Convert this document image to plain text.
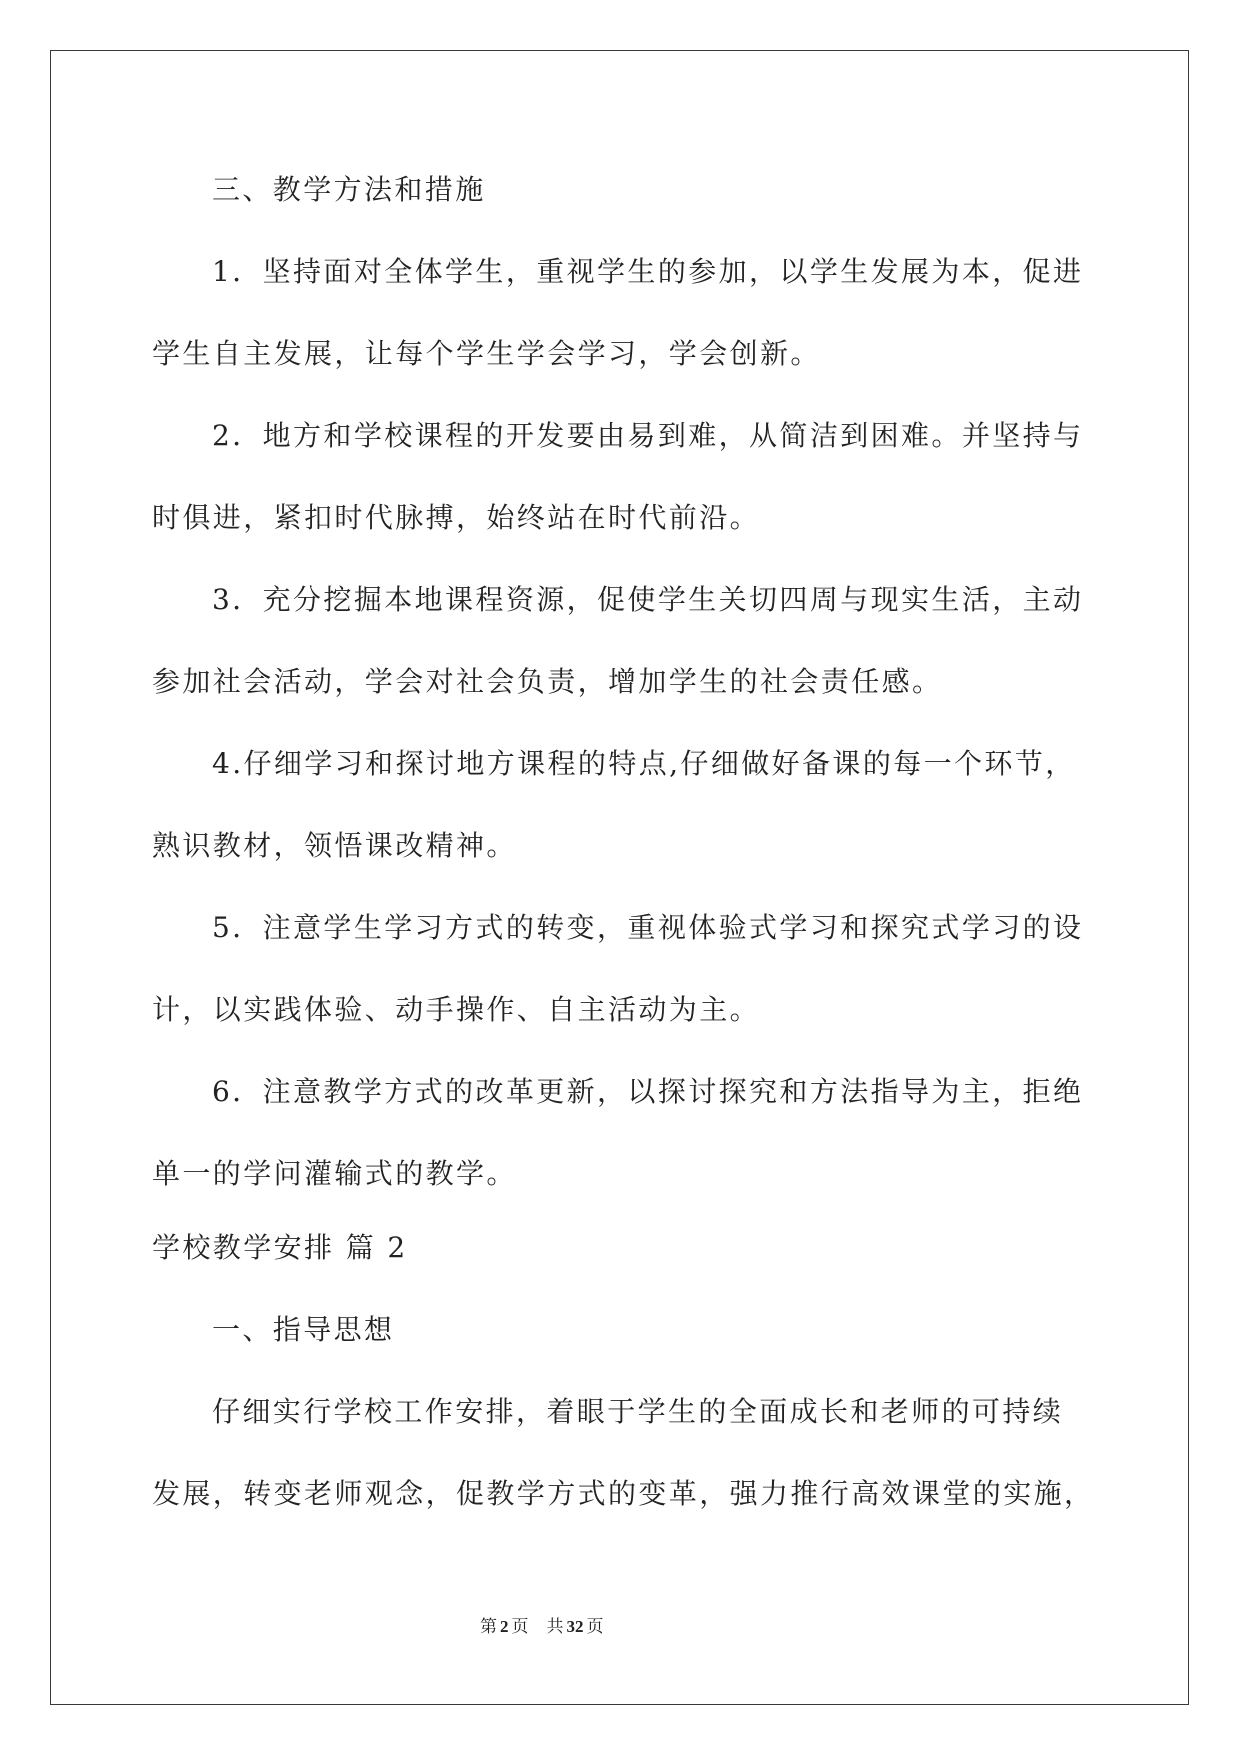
三、教学方法和措施
1．坚持面对全体学生，重视学生的参加，以学生发展为本，促进
学生自主发展，让每个学生学会学习，学会创新。
2．地方和学校课程的开发要由易到难，从简洁到困难。并坚持与
时俱进，紧扣时代脉搏，始终站在时代前沿。
3．充分挖掘本地课程资源，促使学生关切四周与现实生活，主动
参加社会活动，学会对社会负责，增加学生的社会责任感。
4.仔细学习和探讨地方课程的特点,仔细做好备课的每一个环节，
熟识教材，领悟课改精神。
5．注意学生学习方式的转变，重视体验式学习和探究式学习的设
计，以实践体验、动手操作、自主活动为主。
6．注意教学方式的改革更新，以探讨探究和方法指导为主，拒绝
单一的学问灌输式的教学。
学校教学安排 篇 2
一、指导思想
仔细实行学校工作安排，着眼于学生的全面成长和老师的可持续
发展，转变老师观念，促教学方式的变革，强力推行高效课堂的实施，
第 2 页 共 32 页
